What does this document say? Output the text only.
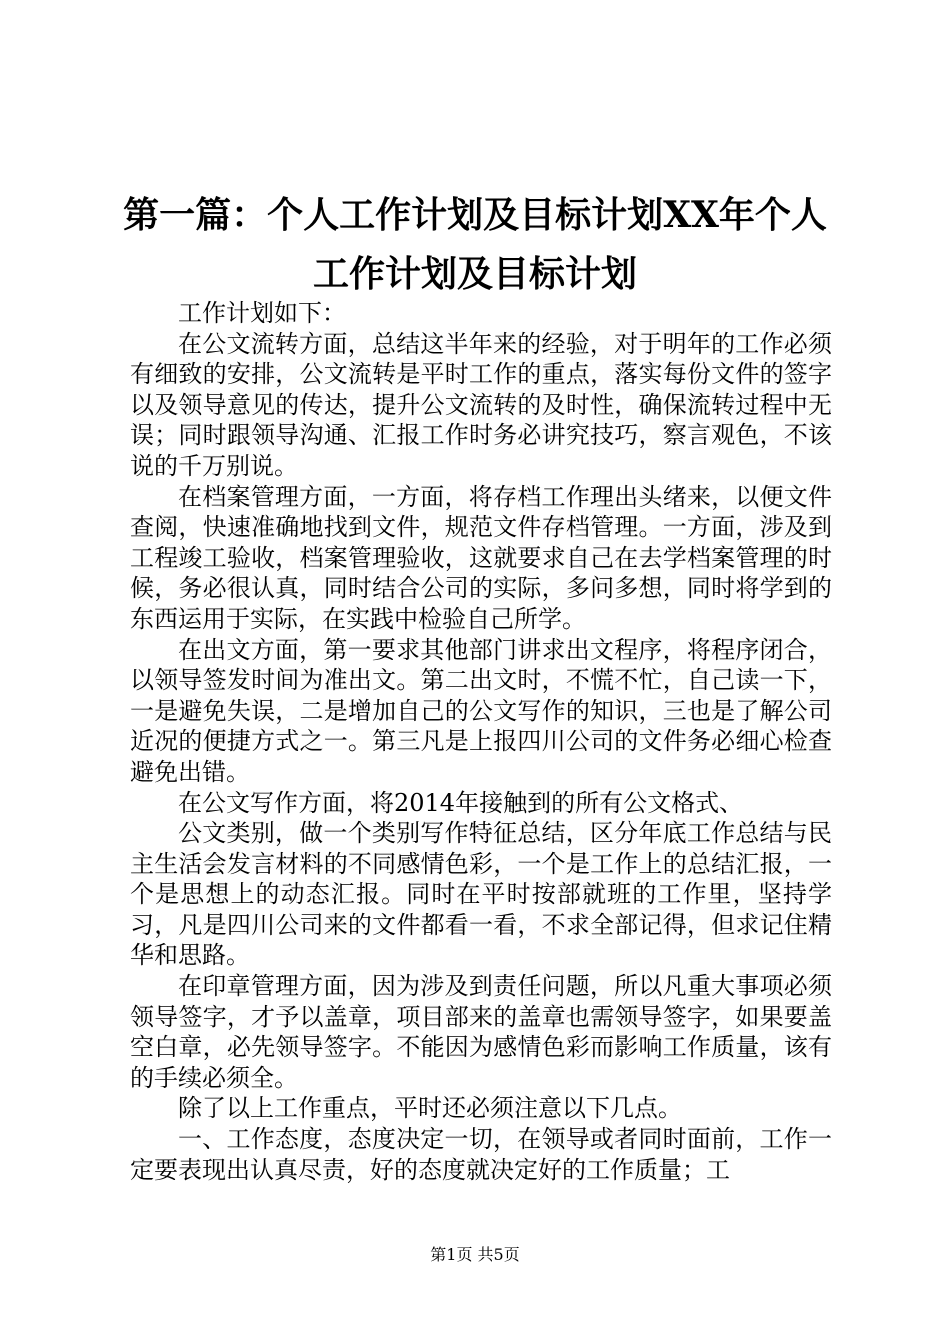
第一篇：个人工作计划及目标计划XX年个人
工作计划及目标计划

工作计划如下：

在公文流转方面，总结这半年来的经验，对于明年的工作必须有细致的安排，公文流转是平时工作的重点，落实每份文件的签字以及领导意见的传达，提升公文流转的及时性，确保流转过程中无误；同时跟领导沟通、汇报工作时务必讲究技巧，察言观色，不该说的千万别说。

在档案管理方面，一方面，将存档工作理出头绪来，以便文件查阅，快速准确地找到文件，规范文件存档管理。一方面，涉及到工程竣工验收，档案管理验收，这就要求自己在去学档案管理的时候，务必很认真，同时结合公司的实际，多问多想，同时将学到的东西运用于实际，在实践中检验自己所学。

在出文方面，第一要求其他部门讲求出文程序，将程序闭合，以领导签发时间为准出文。第二出文时，不慌不忙，自己读一下，一是避免失误，二是增加自己的公文写作的知识，三也是了解公司近况的便捷方式之一。第三凡是上报四川公司的文件务必细心检查避免出错。

在公文写作方面，将2014年接触到的所有公文格式、

公文类别，做一个类别写作特征总结，区分年底工作总结与民主生活会发言材料的不同感情色彩，一个是工作上的总结汇报，一个是思想上的动态汇报。同时在平时按部就班的工作里，坚持学习，凡是四川公司来的文件都看一看，不求全部记得，但求记住精华和思路。

在印章管理方面，因为涉及到责任问题，所以凡重大事项必须领导签字，才予以盖章，项目部来的盖章也需领导签字，如果要盖空白章，必先领导签字。不能因为感情色彩而影响工作质量，该有的手续必须全。

除了以上工作重点，平时还必须注意以下几点。

一、工作态度，态度决定一切，在领导或者同时面前，工作一定要表现出认真尽责，好的态度就决定好的工作质量；工

第1页 共5页
